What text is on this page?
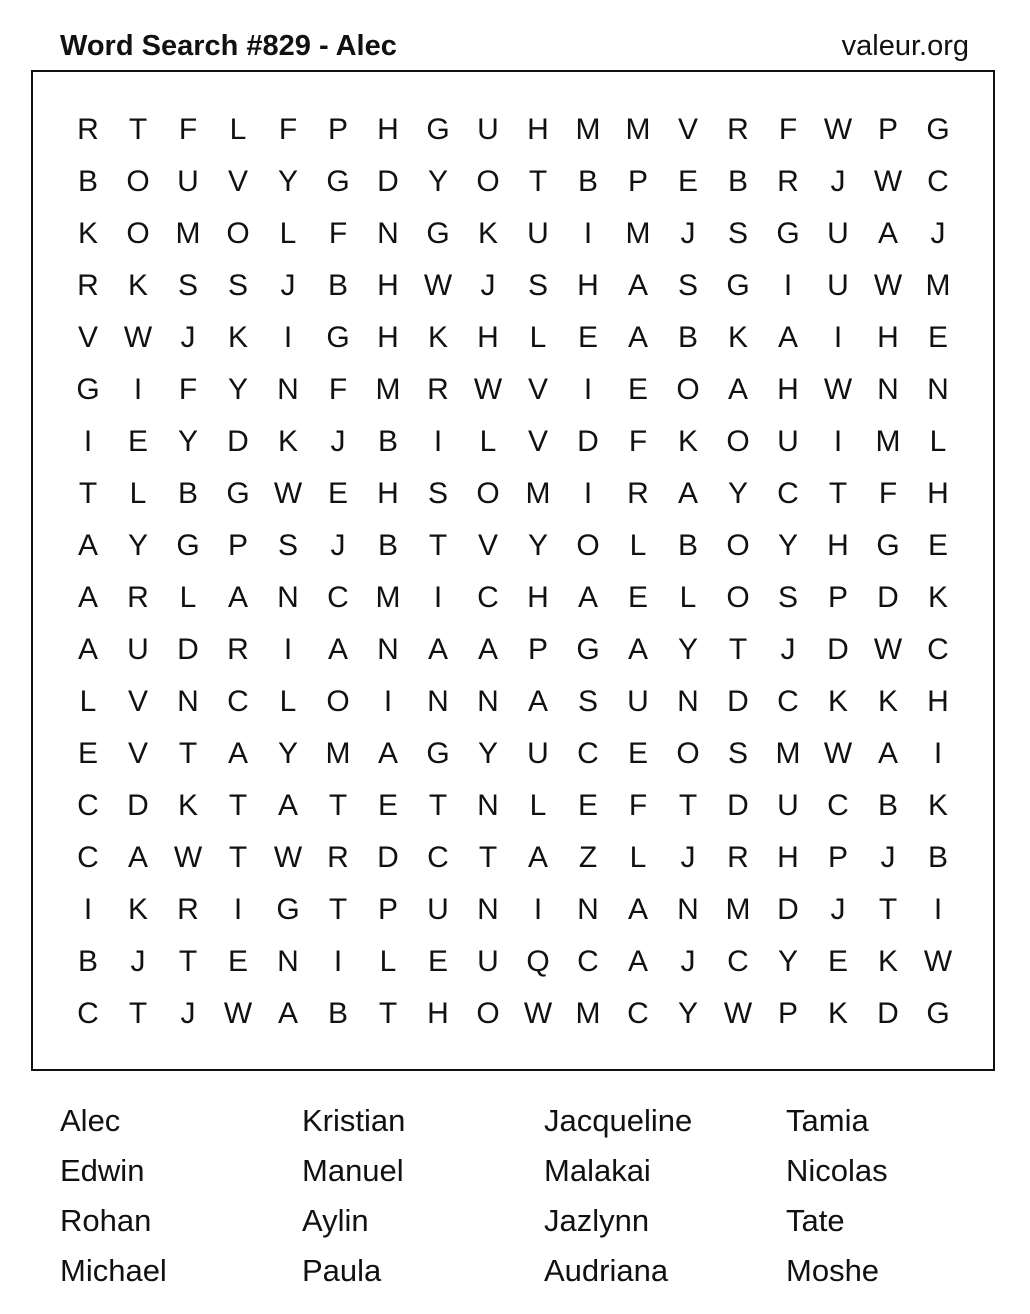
Word Search #829 - Alec	valeur.org
R	T	F	L	F	P H G U H M M V R	F W P G
B O U V Y G D Y O T	B P E B R	J W C
K O M O L	F	N G K U	I	M	J	S G U A	J
R K S S	J	B H W J	S H A S G	I	U W M
V W J	K	I	G H K H	L	E A B K A	I	H E
G	I	F	Y N	F M R W V	I	E O A H W N N
I	E Y D K	J	B	I	L	V D	F	K O U	I	M L
T	L	B G W E H S O M	I	R A Y C	T	F	H
A Y G P S	J	B	T	V Y O L	B O Y H G E
A R	L	A N C M	I	C H A E	L O S P D K
A U D R	I	A N A A P G A Y	T	J	D W C
L	V N C	L O	I	N N A S U N D C K K H
E V	T	A Y M A G Y U C E O S M W A	I
C D K	T	A	T	E	T	N	L	E	F	T	D U C B K
C A W T W R D C	T	A	Z	L	J	R H P	J	B
I	K R	I	G T	P U N	I	N A N M D	J	T	I
B	J	T	E N	I	L	E U Q C A	J	C Y E K W
C	T	J W A B	T	H O W M C Y W P K D G
Alec	Kristian	Jacqueline	Tamia
Edwin	Manuel	Malakai	Nicolas
Rohan	Aylin	Jazlynn	Tate
Michael	Paula	Audriana	Moshe
